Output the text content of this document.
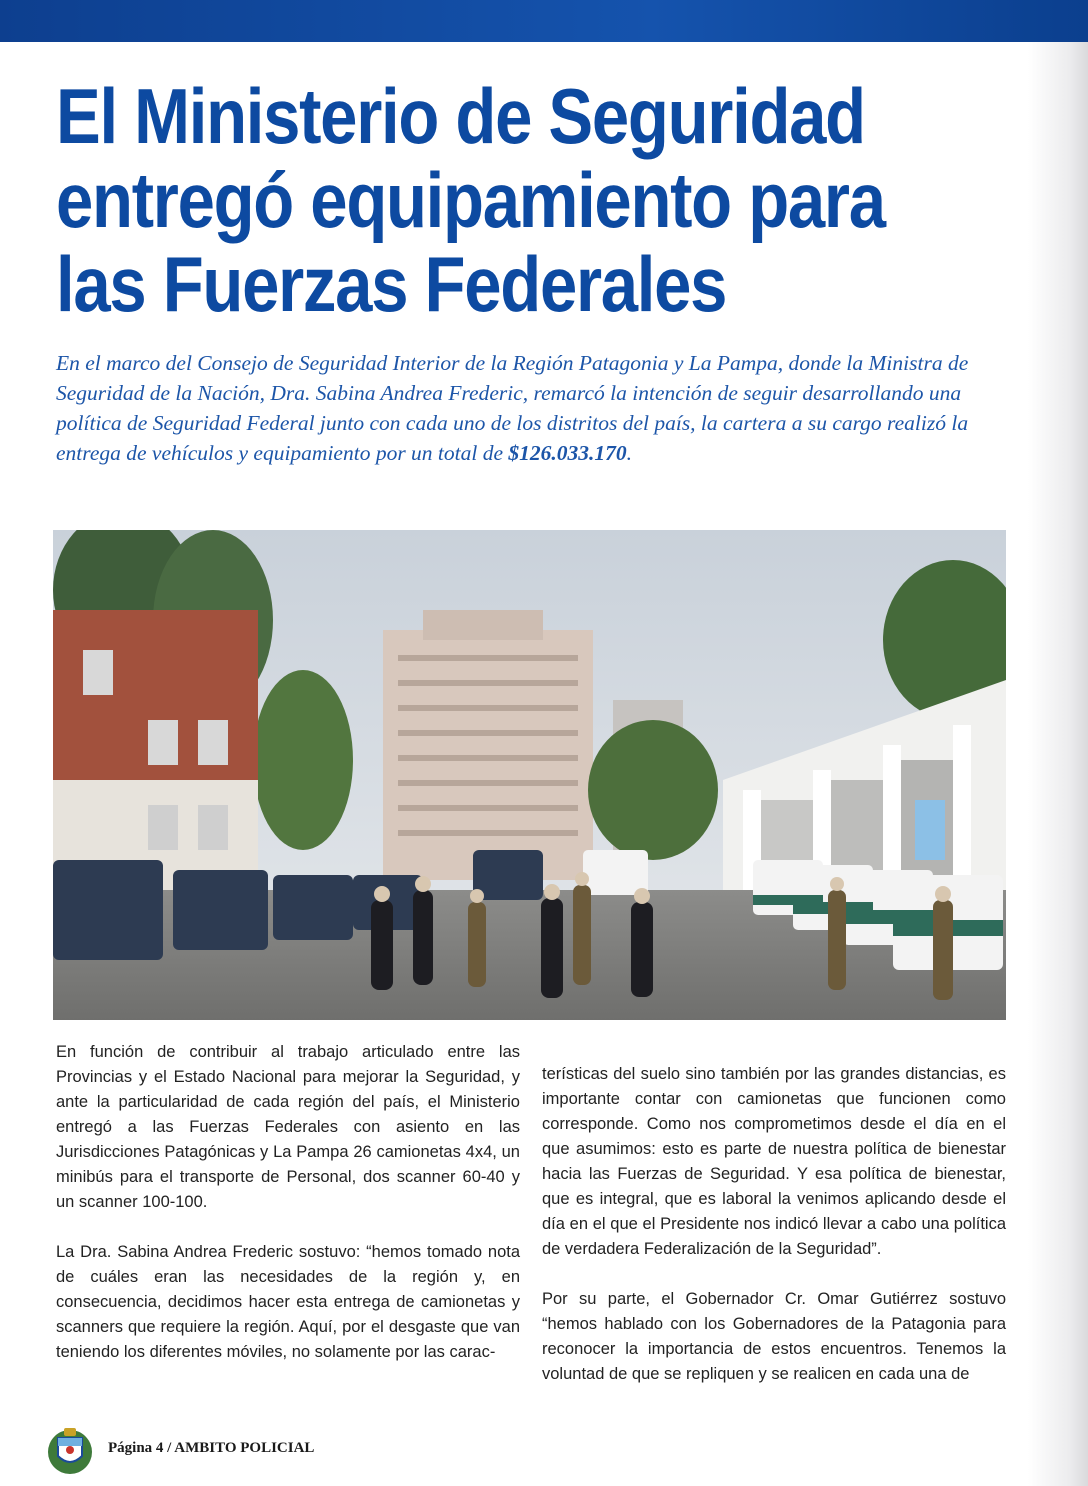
El Ministerio de Seguridad entregó equipamiento para las Fuerzas Federales

En el marco del Consejo de Seguridad Interior de la Región Patagonia y La Pampa, donde la Ministra de Seguridad de la Nación, Dra. Sabina Andrea Frederic, remarcó la intención de seguir desarrollando una política de Seguridad Federal junto con cada uno de los distritos del país, la cartera a su cargo realizó la entrega de vehículos y equipamiento por un total de $126.033.170.

En función de contribuir al trabajo articulado entre las Provincias y el Estado Nacional para mejorar la Seguridad, y ante la particularidad de cada región del país, el Ministerio entregó a las Fuerzas Federales con asiento en las Jurisdicciones Patagónicas y La Pampa 26 camionetas 4x4, un minibús para el transporte de Personal, dos scanner 60-40 y un scanner 100-100.

La Dra. Sabina Andrea Frederic sostuvo: “hemos tomado nota de cuáles eran las necesidades de la región y, en consecuencia, decidimos hacer esta entrega de camionetas y scanners que requiere la región. Aquí, por el desgaste que van teniendo los diferentes móviles, no solamente por las carac-

terísticas del suelo sino también por las grandes distancias, es importante contar con camionetas que funcionen como corresponde. Como nos comprometimos desde el día en el que asumimos: esto es parte de nuestra política de bienestar hacia las Fuerzas de Seguridad. Y esa política de bienestar, que es integral, que es laboral la venimos aplicando desde el día en el que el Presidente nos indicó llevar a cabo una política de verdadera Federalización de la Seguridad”.

Por su parte, el Gobernador Cr. Omar Gutiérrez sostuvo “hemos hablado con los Gobernadores de la Patagonia para reconocer la importancia de estos encuentros. Tenemos la voluntad de que se repliquen y se realicen en cada una de

Página 4 / AMBITO POLICIAL
